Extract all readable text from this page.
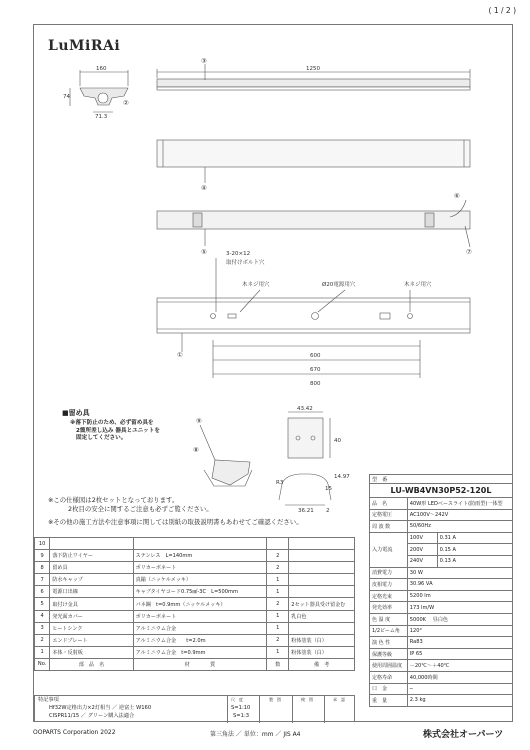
( 1 / 2 )
LuMiRAi
160
74
71.3
1250
600
670
800
43.42
40
14.97
15
R3
36.21 2
3-20×12
取付けボルト穴
木ネジ用穴	Ø20電源用穴	木ネジ用穴
③
②
④
⑥
⑤	⑦
①
⑨
⑧
■留め具
※落下防止のため、必ず留め具を
2箇所差し込み 器具とユニットを
固定してください。
※この仕様図は2枚セットとなっております。
2枚目の安全に関するご注意も必ずご覧ください。
※その他の施工方法や注意事項に関しては別紙の取扱説明書もあわせてご確認ください。
10				
9	落下防止ワイヤー	ステンレス　L=140mm	2	
8	留め具	ポリカーボネート	2	
7	防水キャップ	真鍮（ニッケルメッキ）	1	
6	電源口出線	キャブタイヤコード0.75㎟-3C　L=500mm	1	
5	取付け金具	バネ鋼　t=0.9mm（ニッケルメッキ）	2	2セット器具受け留金む
4	発光面カバー	ポリカーボネート	1	乳白色
3	ヒートシンク	アルミニウム合金	1	
2	エンドプレート	アルミニウム合金　　t=2.0m	2	粉体塗装（白）
1	本体・反射板	アルミニウム合金　t=0.9mm	1	粉体塗装（白）
No.	部　品　名	材　　　　質	数	備　考
特記事項
Hf32W定格出力×2灯相当 ／ 逆富士 W160
CISPR11/15 ／ グリーン購入法適合
尺　度
S=1:10
S=1:3
製　図	検　図	承　認
型　番		
LU-WB4VN30P52-120L		
品　名	40W形 LEDベースライト(防雨型)一体型	
定格電圧	AC100V〜242V	
周 波 数	50/60Hz	
入力電流	100V	0.31 A
	200V	0.15 A
	240V	0.13 A
消費電力	30 W	
皮相電力	30.96 VA	
定格光束	5200 lm	
発光効率	173 lm/W	
色 温 度	5000K　 昼白色	
1/2ビーム角	120°	
演 色 性	Ra83	
保護等級	IP 65	
使用周囲温度	－20℃〜＋40℃	
定格寿命	40,000時間	
口　金	─	
重　量	2.3 kg	
OOPARTS Corporation 2022	第三角法 ／ 単位：mm ／ JIS A4	株式会社オーパーツ
